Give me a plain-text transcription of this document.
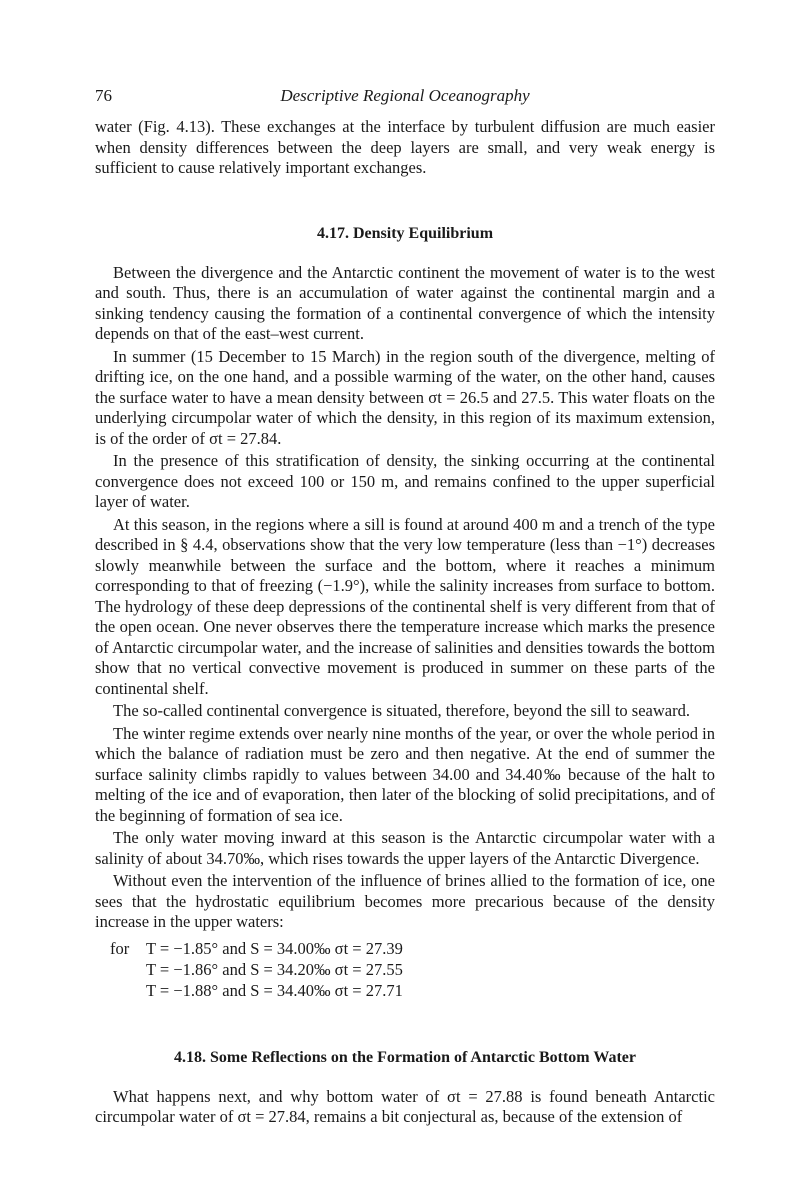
76	Descriptive Regional Oceanography

water (Fig. 4.13). These exchanges at the interface by turbulent diffusion are much easier when density differences between the deep layers are small, and very weak energy is sufficient to cause relatively important exchanges.

4.17. Density Equilibrium

Between the divergence and the Antarctic continent the movement of water is to the west and south. Thus, there is an accumulation of water against the continental margin and a sinking tendency causing the formation of a continental convergence of which the intensity depends on that of the east–west current.

In summer (15 December to 15 March) in the region south of the divergence, melting of drifting ice, on the one hand, and a possible warming of the water, on the other hand, causes the surface water to have a mean density between σt = 26.5 and 27.5. This water floats on the underlying circumpolar water of which the density, in this region of its maximum extension, is of the order of σt = 27.84.

In the presence of this stratification of density, the sinking occurring at the continental convergence does not exceed 100 or 150 m, and remains confined to the upper superficial layer of water.

At this season, in the regions where a sill is found at around 400 m and a trench of the type described in § 4.4, observations show that the very low temperature (less than −1°) decreases slowly meanwhile between the surface and the bottom, where it reaches a minimum corresponding to that of freezing (−1.9°), while the salinity increases from surface to bottom. The hydrology of these deep depressions of the continental shelf is very different from that of the open ocean. One never observes there the temperature increase which marks the presence of Antarctic circumpolar water, and the increase of salinities and densities towards the bottom show that no vertical convective movement is produced in summer on these parts of the continental shelf.

The so-called continental convergence is situated, therefore, beyond the sill to seaward.

The winter regime extends over nearly nine months of the year, or over the whole period in which the balance of radiation must be zero and then negative. At the end of summer the surface salinity climbs rapidly to values between 34.00 and 34.40‰ because of the halt to melting of the ice and of evaporation, then later of the blocking of solid precipitations, and of the beginning of formation of sea ice.

The only water moving inward at this season is the Antarctic circumpolar water with a salinity of about 34.70‰, which rises towards the upper layers of the Antarctic Divergence.

Without even the intervention of the influence of brines allied to the formation of ice, one sees that the hydrostatic equilibrium becomes more precarious because of the density increase in the upper waters:

for T = −1.85° and S = 34.00‰ σt = 27.39
T = −1.86° and S = 34.20‰ σt = 27.55
T = −1.88° and S = 34.40‰ σt = 27.71
4.18. Some Reflections on the Formation of Antarctic Bottom Water

What happens next, and why bottom water of σt = 27.88 is found beneath Antarctic circumpolar water of σt = 27.84, remains a bit conjectural as, because of the extension of
